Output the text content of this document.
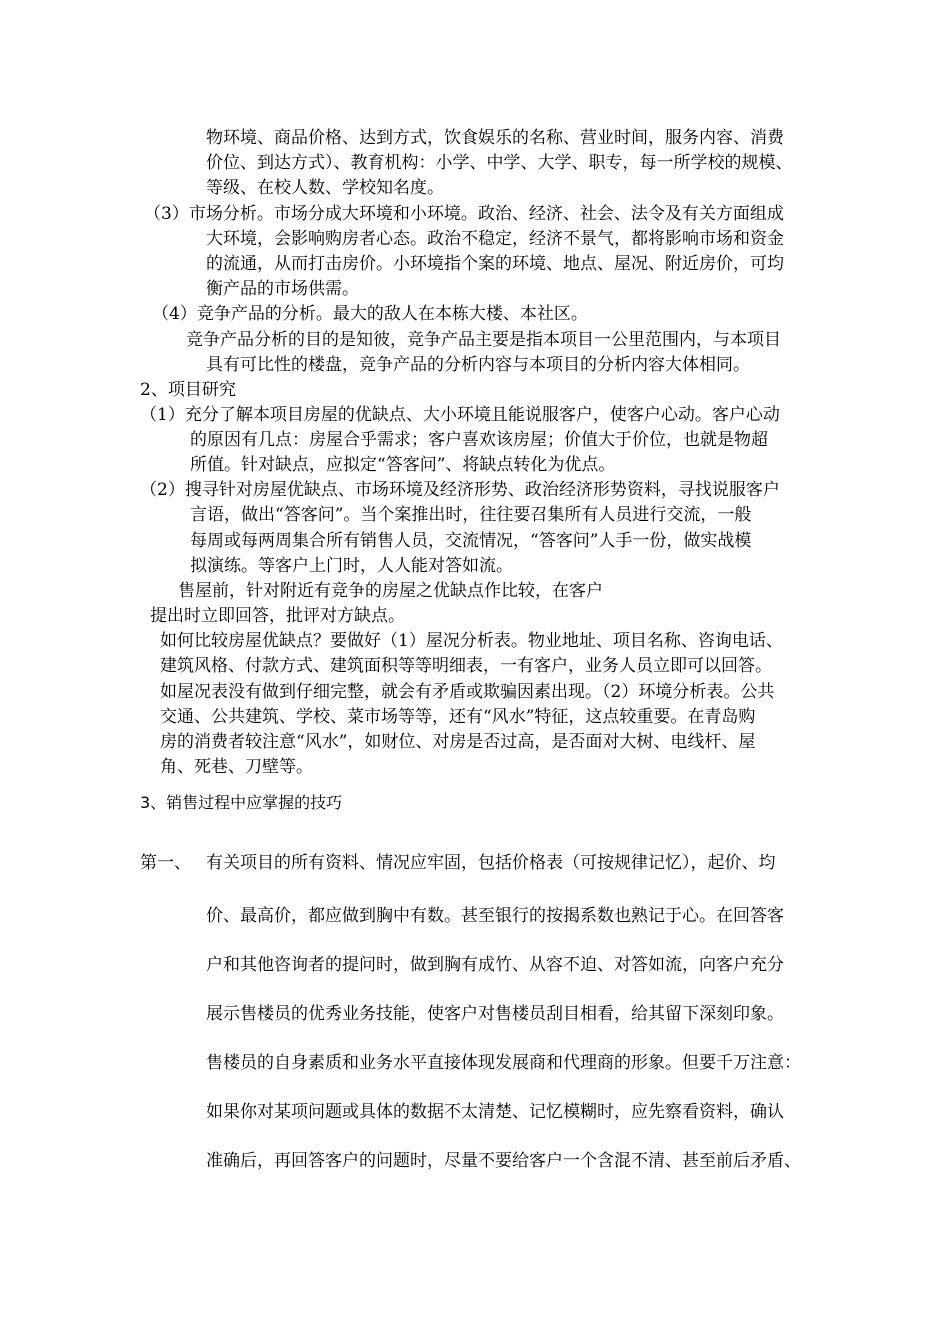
物环境、商品价格、达到方式，饮食娱乐的名称、营业时间，服务内容、消费
价位、到达方式）、教育机构：小学、中学、大学、职专，每一所学校的规模、
等级、在校人数、学校知名度。
（3）市场分析。市场分成大环境和小环境。政治、经济、社会、法令及有关方面组成
大环境，会影响购房者心态。政治不稳定，经济不景气，都将影响市场和资金
的流通，从而打击房价。小环境指个案的环境、地点、屋况、附近房价，可均
衡产品的市场供需。
（4）竞争产品的分析。最大的敌人在本栋大楼、本社区。
竞争产品分析的目的是知彼，竞争产品主要是指本项目一公里范围内，与本项目
具有可比性的楼盘，竞争产品的分析内容与本项目的分析内容大体相同。
2、项目研究
（1）充分了解本项目房屋的优缺点、大小环境且能说服客户，使客户心动。客户心动
的原因有几点：房屋合乎需求；客户喜欢该房屋；价值大于价位，也就是物超
所值。针对缺点，应拟定“答客问”、将缺点转化为优点。
（2）搜寻针对房屋优缺点、市场环境及经济形势、政治经济形势资料，寻找说服客户
言语，做出“答客问”。当个案推出时，往往要召集所有人员进行交流，一般
每周或每两周集合所有销售人员，交流情况，“答客问”人手一份，做实战模
拟演练。等客户上门时，人人能对答如流。
售屋前，针对附近有竞争的房屋之优缺点作比较，在客户
提出时立即回答，批评对方缺点。
如何比较房屋优缺点？要做好（1）屋况分析表。物业地址、项目名称、咨询电话、
建筑风格、付款方式、建筑面积等等明细表，一有客户，业务人员立即可以回答。
如屋况表没有做到仔细完整，就会有矛盾或欺骗因素出现。（2）环境分析表。公共
交通、公共建筑、学校、菜市场等等，还有“风水”特征，这点较重要。在青岛购
房的消费者较注意“风水”，如财位、对房是否过高，是否面对大树、电线杆、屋
角、死巷、刀壁等。
3、销售过程中应掌握的技巧
第一、 有关项目的所有资料、情况应牢固，包括价格表（可按规律记忆），起价、均
价、最高价，都应做到胸中有数。甚至银行的按揭系数也熟记于心。在回答客
户和其他咨询者的提问时，做到胸有成竹、从容不迫、对答如流，向客户充分
展示售楼员的优秀业务技能，使客户对售楼员刮目相看，给其留下深刻印象。
售楼员的自身素质和业务水平直接体现发展商和代理商的形象。但要千万注意：
如果你对某项问题或具体的数据不太清楚、记忆模糊时，应先察看资料，确认
准确后，再回答客户的问题时，尽量不要给客户一个含混不清、甚至前后矛盾、
